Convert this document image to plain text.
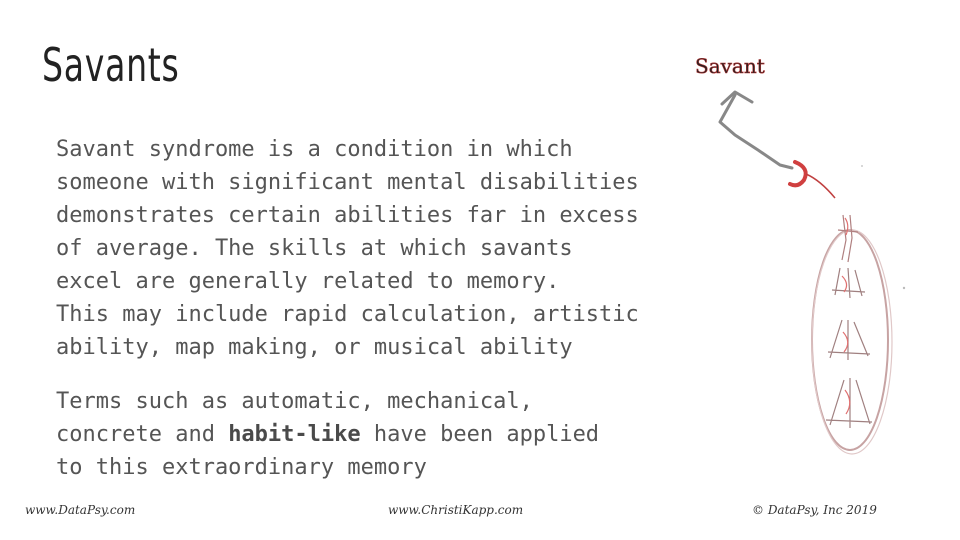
Savants
Savant syndrome is a condition in which
someone with significant mental disabilities
demonstrates certain abilities far in excess
of average. The skills at which savants
excel are generally related to memory.
This may include rapid calculation, artistic
ability, map making, or musical ability
Terms such as automatic, mechanical,
concrete and habit-like have been applied
to this extraordinary memory
Savant
www.DataPsy.com	www.ChristiKapp.com	© DataPsy, Inc 2019
